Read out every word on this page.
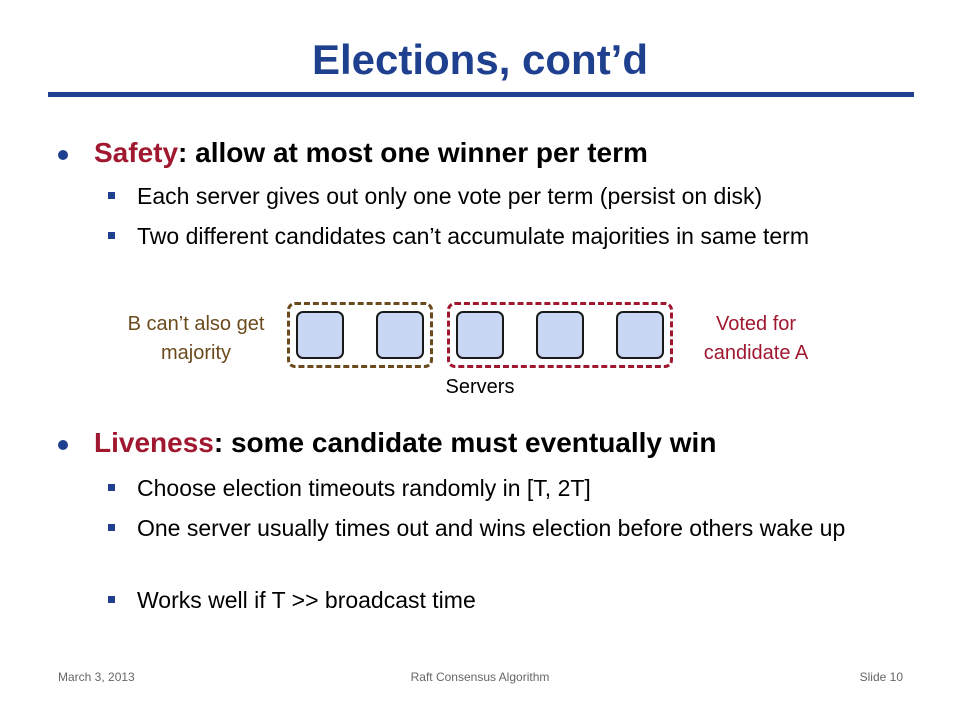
Elections, cont’d
Safety: allow at most one winner per term
Each server gives out only one vote per term (persist on disk)
Two different candidates can’t accumulate majorities in same term
B can’t also get majority
Voted for candidate A
Servers
Liveness: some candidate must eventually win
Choose election timeouts randomly in [T, 2T]
One server usually times out and wins election before others wake up
Works well if T >> broadcast time
March 3, 2013	Raft Consensus Algorithm	Slide 10
